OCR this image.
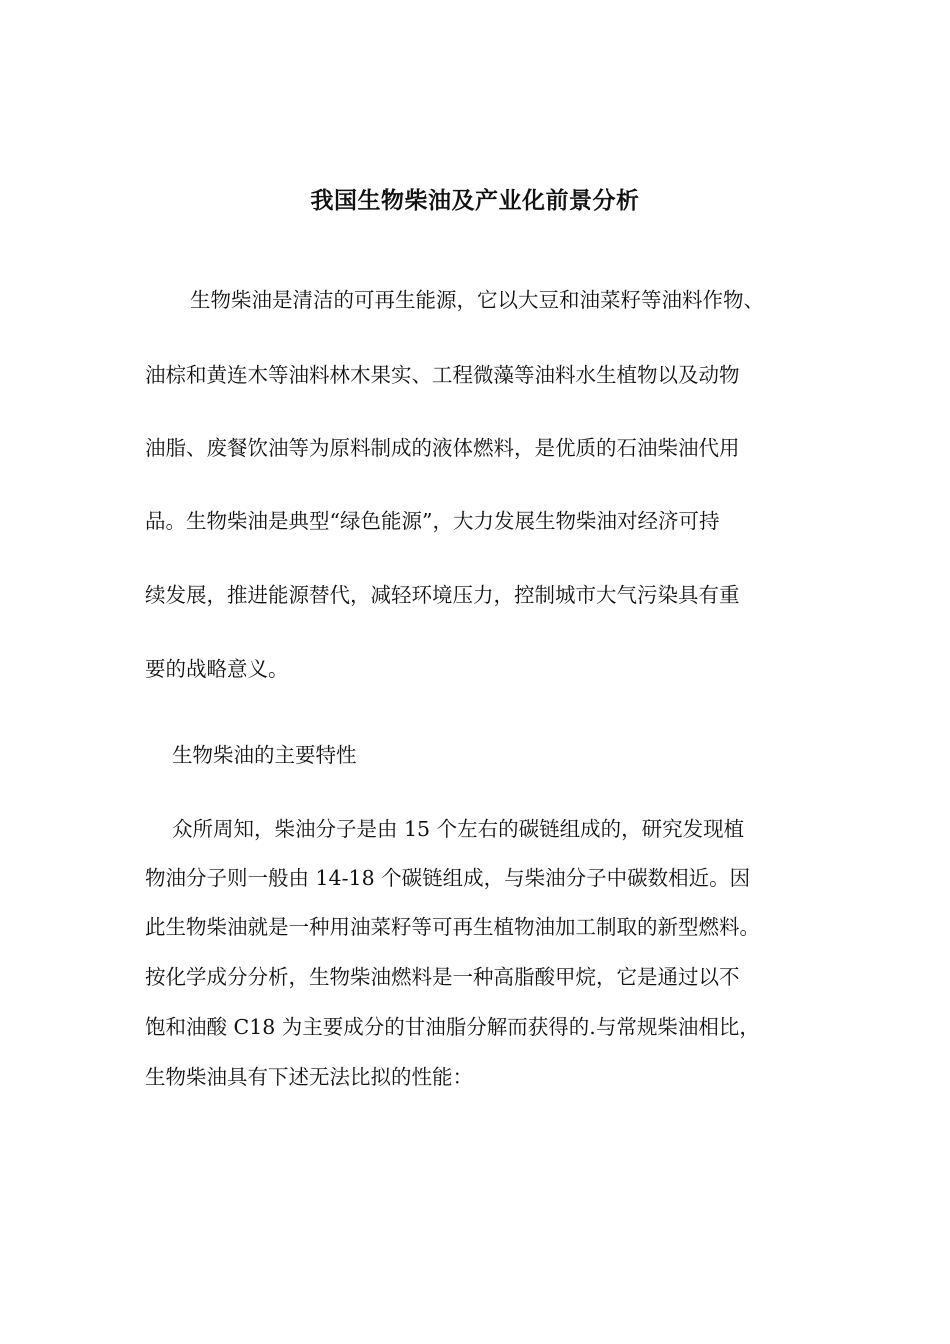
我国生物柴油及产业化前景分析
生物柴油是清洁的可再生能源，它以大豆和油菜籽等油料作物、
油棕和黄连木等油料林木果实、工程微藻等油料水生植物以及动物
油脂、废餐饮油等为原料制成的液体燃料，是优质的石油柴油代用
品。生物柴油是典型“绿色能源”，大力发展生物柴油对经济可持
续发展，推进能源替代，减轻环境压力，控制城市大气污染具有重
要的战略意义。
生物柴油的主要特性
众所周知，柴油分子是由 15 个左右的碳链组成的，研究发现植
物油分子则一般由 14-18 个碳链组成，与柴油分子中碳数相近。因
此生物柴油就是一种用油菜籽等可再生植物油加工制取的新型燃料。
按化学成分分析，生物柴油燃料是一种高脂酸甲烷，它是通过以不
饱和油酸 C18 为主要成分的甘油脂分解而获得的.与常规柴油相比，
生物柴油具有下述无法比拟的性能：
